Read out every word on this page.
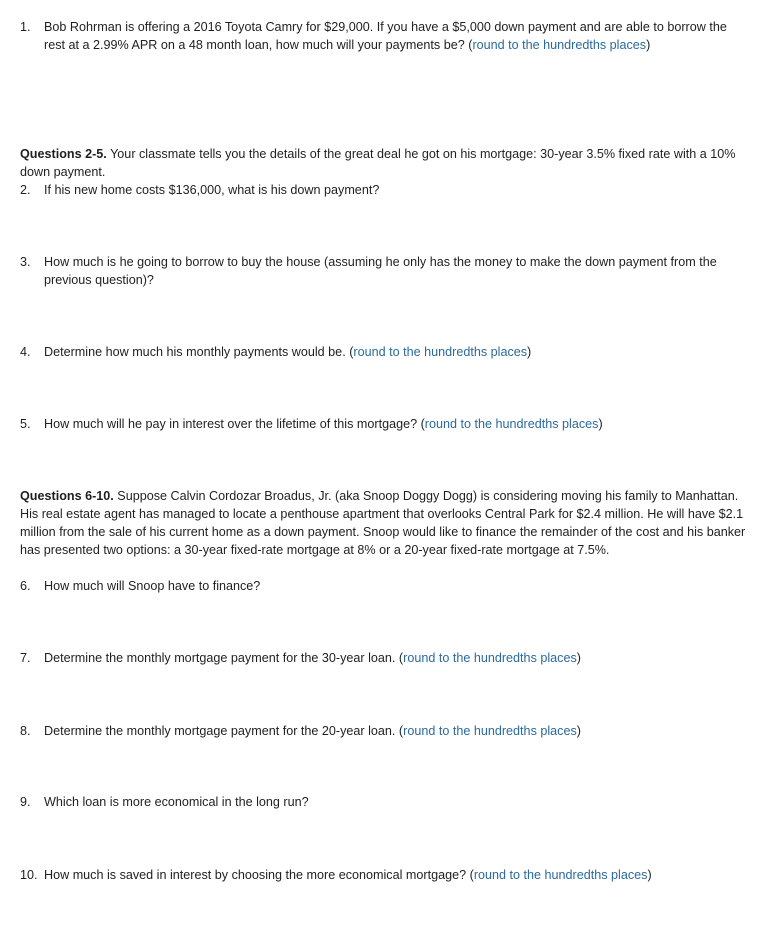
1.	Bob Rohrman is offering a 2016 Toyota Camry for $29,000. If you have a $5,000 down payment and are able to borrow the rest at a 2.99% APR on a 48 month loan, how much will your payments be? (round to the hundredths places)
Questions 2-5. Your classmate tells you the details of the great deal he got on his mortgage: 30-year 3.5% fixed rate with a 10% down payment.
2.	If his new home costs $136,000, what is his down payment?
3.	How much is he going to borrow to buy the house (assuming he only has the money to make the down payment from the previous question)?
4.	Determine how much his monthly payments would be. (round to the hundredths places)
5.	How much will he pay in interest over the lifetime of this mortgage? (round to the hundredths places)
Questions 6-10. Suppose Calvin Cordozar Broadus, Jr. (aka Snoop Doggy Dogg) is considering moving his family to Manhattan. His real estate agent has managed to locate a penthouse apartment that overlooks Central Park for $2.4 million. He will have $2.1 million from the sale of his current home as a down payment. Snoop would like to finance the remainder of the cost and his banker has presented two options: a 30-year fixed-rate mortgage at 8% or a 20-year fixed-rate mortgage at 7.5%.
6.	How much will Snoop have to finance?
7.	Determine the monthly mortgage payment for the 30-year loan. (round to the hundredths places)
8.	Determine the monthly mortgage payment for the 20-year loan. (round to the hundredths places)
9.	Which loan is more economical in the long run?
10. How much is saved in interest by choosing the more economical mortgage? (round to the hundredths places)
